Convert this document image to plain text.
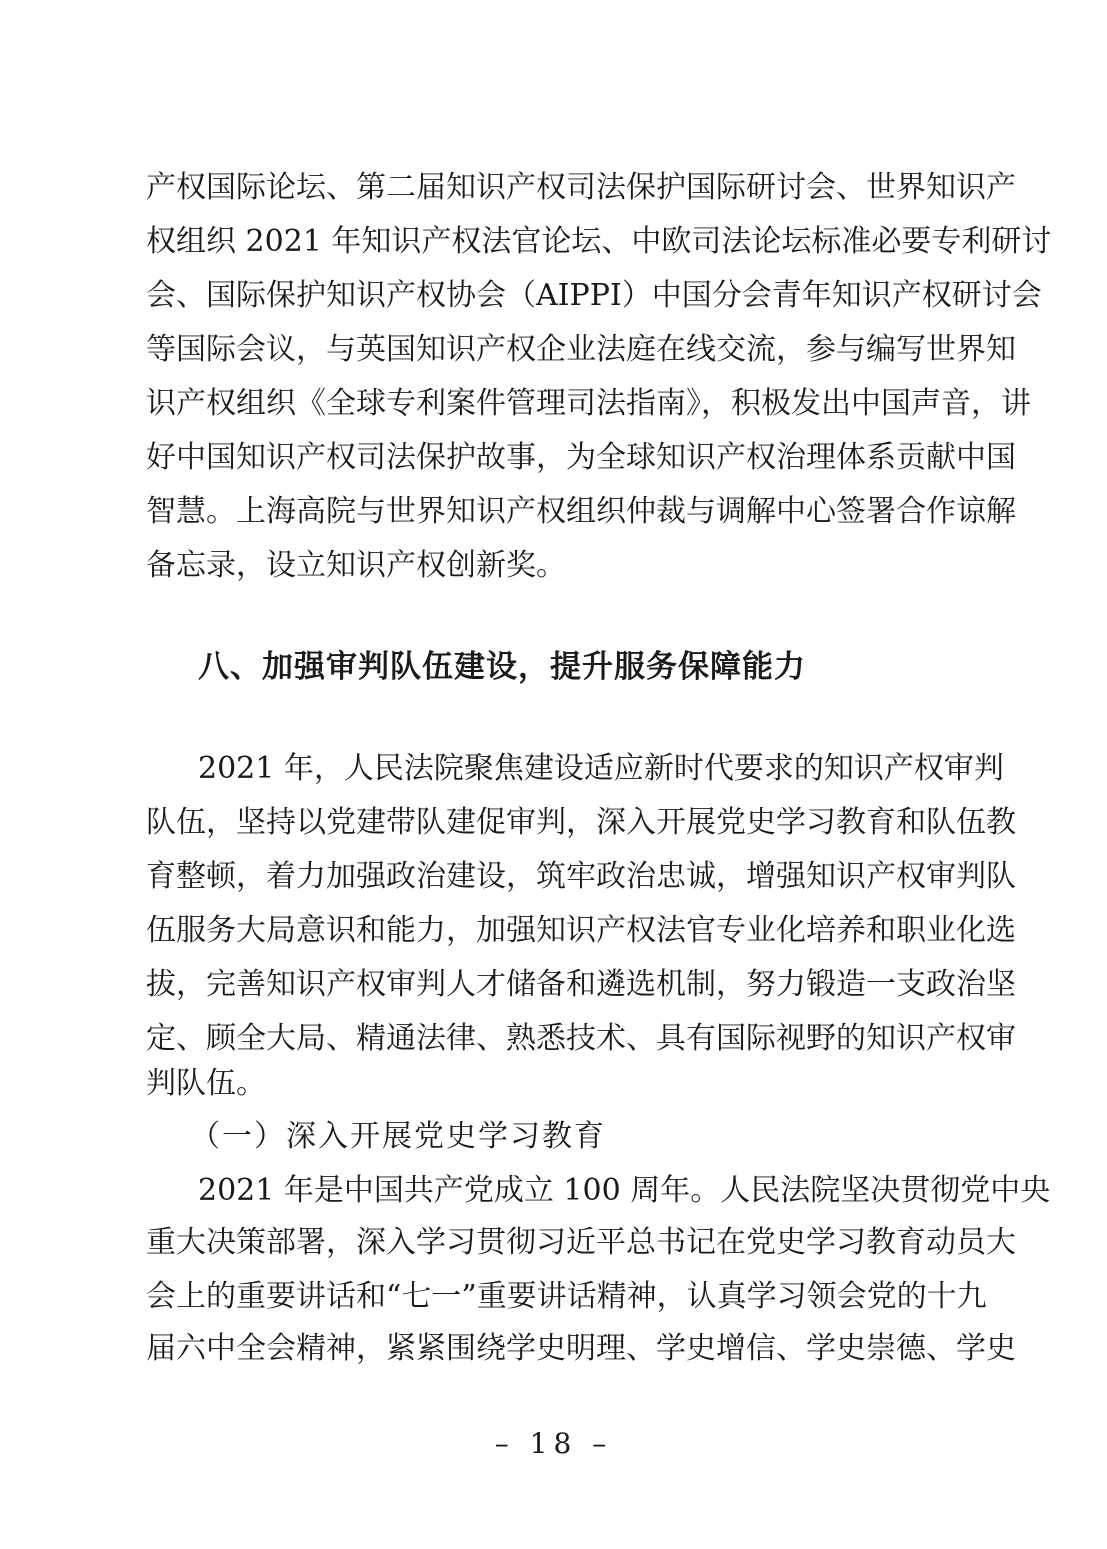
产权国际论坛、第二届知识产权司法保护国际研讨会、世界知识产
权组织 2021 年知识产权法官论坛、中欧司法论坛标准必要专利研讨
会、国际保护知识产权协会（AIPPI）中国分会青年知识产权研讨会
等国际会议，与英国知识产权企业法庭在线交流，参与编写世界知
识产权组织《全球专利案件管理司法指南》，积极发出中国声音，讲
好中国知识产权司法保护故事，为全球知识产权治理体系贡献中国
智慧。上海高院与世界知识产权组织仲裁与调解中心签署合作谅解
备忘录，设立知识产权创新奖。
八、加强审判队伍建设，提升服务保障能力
2021 年，人民法院聚焦建设适应新时代要求的知识产权审判
队伍，坚持以党建带队建促审判，深入开展党史学习教育和队伍教
育整顿，着力加强政治建设，筑牢政治忠诚，增强知识产权审判队
伍服务大局意识和能力，加强知识产权法官专业化培养和职业化选
拔，完善知识产权审判人才储备和遴选机制，努力锻造一支政治坚
定、顾全大局、精通法律、熟悉技术、具有国际视野的知识产权审
判队伍。
（一）深入开展党史学习教育
2021 年是中国共产党成立 100 周年。人民法院坚决贯彻党中央
重大决策部署，深入学习贯彻习近平总书记在党史学习教育动员大
会上的重要讲话和“七一”重要讲话精神，认真学习领会党的十九
届六中全会精神，紧紧围绕学史明理、学史增信、学史崇德、学史
– 18 –
